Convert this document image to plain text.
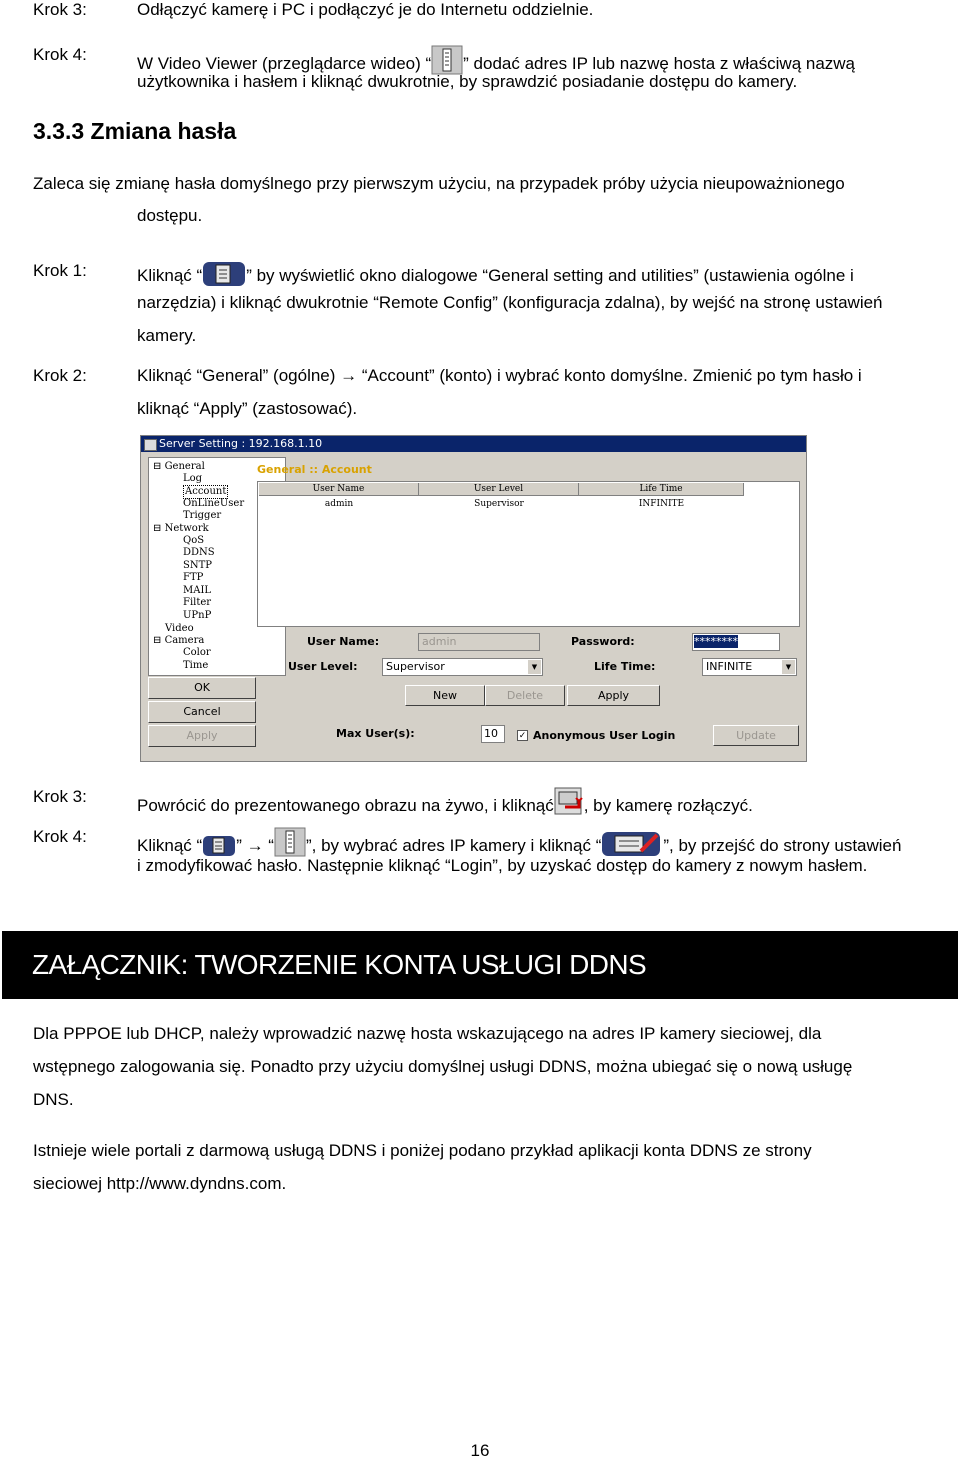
Krok 3:	Odłączyć kamerę i PC i podłączyć je do Internetu oddzielnie.
Krok 4:	W Video Viewer (przeglądarce wideo) “ ” dodać adres IP lub nazwę hosta z właściwą nazwą
użytkownika i hasłem i kliknąć dwukrotnie, by sprawdzić posiadanie dostępu do kamery.
3.3.3 Zmiana hasła
Zaleca się zmianę hasła domyślnego przy pierwszym użyciu, na przypadek próby użycia nieupoważnionego
dostępu.
Krok 1:	Kliknąć “	” by wyświetlić okno dialogowe “General setting and utilities” (ustawienia ogólne i
narzędzia) i kliknąć dwukrotnie “Remote Config” (konfiguracja zdalna), by wejść na stronę ustawień
kamery.
Krok 2:	Kliknąć “General” (ogólne) → “Account” (konto) i wybrać konto domyślne. Zmienić po tym hasło i
kliknąć “Apply” (zastosować).
Server Setting : 192.168.1.10
⊟ General
Log
Account
OnLineUser
Trigger
⊟ Network
QoS
DDNS
SNTP
FTP
MAIL
Filter
UPnP
Video
⊟ Camera
Color
Time
OK
Cancel
Apply
General :: Account
User Name	User Level	Life Time
admin	Supervisor	INFINITE
User Name:	admin	Password:	********
User Level:	Supervisor	▼	Life Time:	INFINITE	▼
New	Delete	Apply
Max User(s):	10	✓ Anonymous User Login	Update
Krok 3:	Powrócić do prezentowanego obrazu na żywo, i kliknąć , by kamerę rozłączyć.
Krok 4:	Kliknąć “ ” → “ ”, by wybrać adres IP kamery i kliknąć “	”, by przejść do strony ustawień
i zmodyfikować hasło. Następnie kliknąć “Login”, by uzyskać dostęp do kamery z nowym hasłem.
ZAŁĄCZNIK: TWORZENIE KONTA USŁUGI DDNS
Dla PPPOE lub DHCP, należy wprowadzić nazwę hosta wskazującego na adres IP kamery sieciowej, dla
wstępnego zalogowania się. Ponadto przy użyciu domyślnej usługi DDNS, można ubiegać się o nową usługę
DNS.
Istnieje wiele portali z darmową usługą DDNS i poniżej podano przykład aplikacji konta DDNS ze strony
sieciowej http://www.dyndns.com.
16
